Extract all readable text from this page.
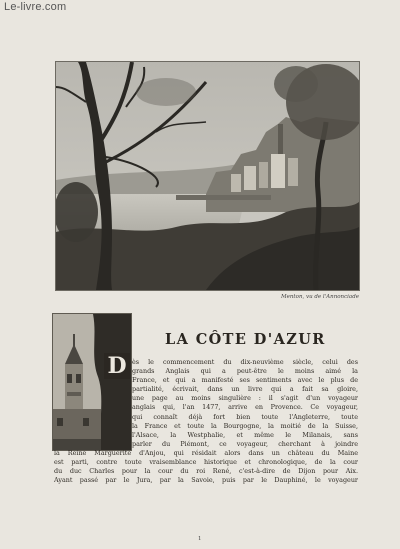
Le-livre.com
Menton, vu de l'Annonciade
LA CÔTE D'AZUR
D ès le commencement du dix-neuvième siècle, celui des
grands Anglais qui a peut-être le moins aimé la
France, et qui a manifesté ses sentiments avec le plus de
partialité, écrivait, dans un livre qui a fait sa gloire,
une page au moins singulière : il s'agit d'un voyageur
anglais qui, l'an 1477, arrive en Provence. Ce voyageur,
qui connaît déjà fort bien toute l'Angleterre, toute
la France et toute la Bourgogne, la moitié de la Suisse,
l'Alsace, la Westphalie, et même le Milanais, sans
parler du Piémont, ce voyageur, cherchant à joindre
la Reine Marguerite d'Anjou, qui résidait alors dans un château du Maine
est parti, contre toute vraisemblance historique et chronologique, de la cour
du duc Charles pour la cour du roi René, c'est-à-dire de Dijon pour Aix.
Ayant passé par le Jura, par la Savoie, puis par le Dauphiné, le voyageur
1
